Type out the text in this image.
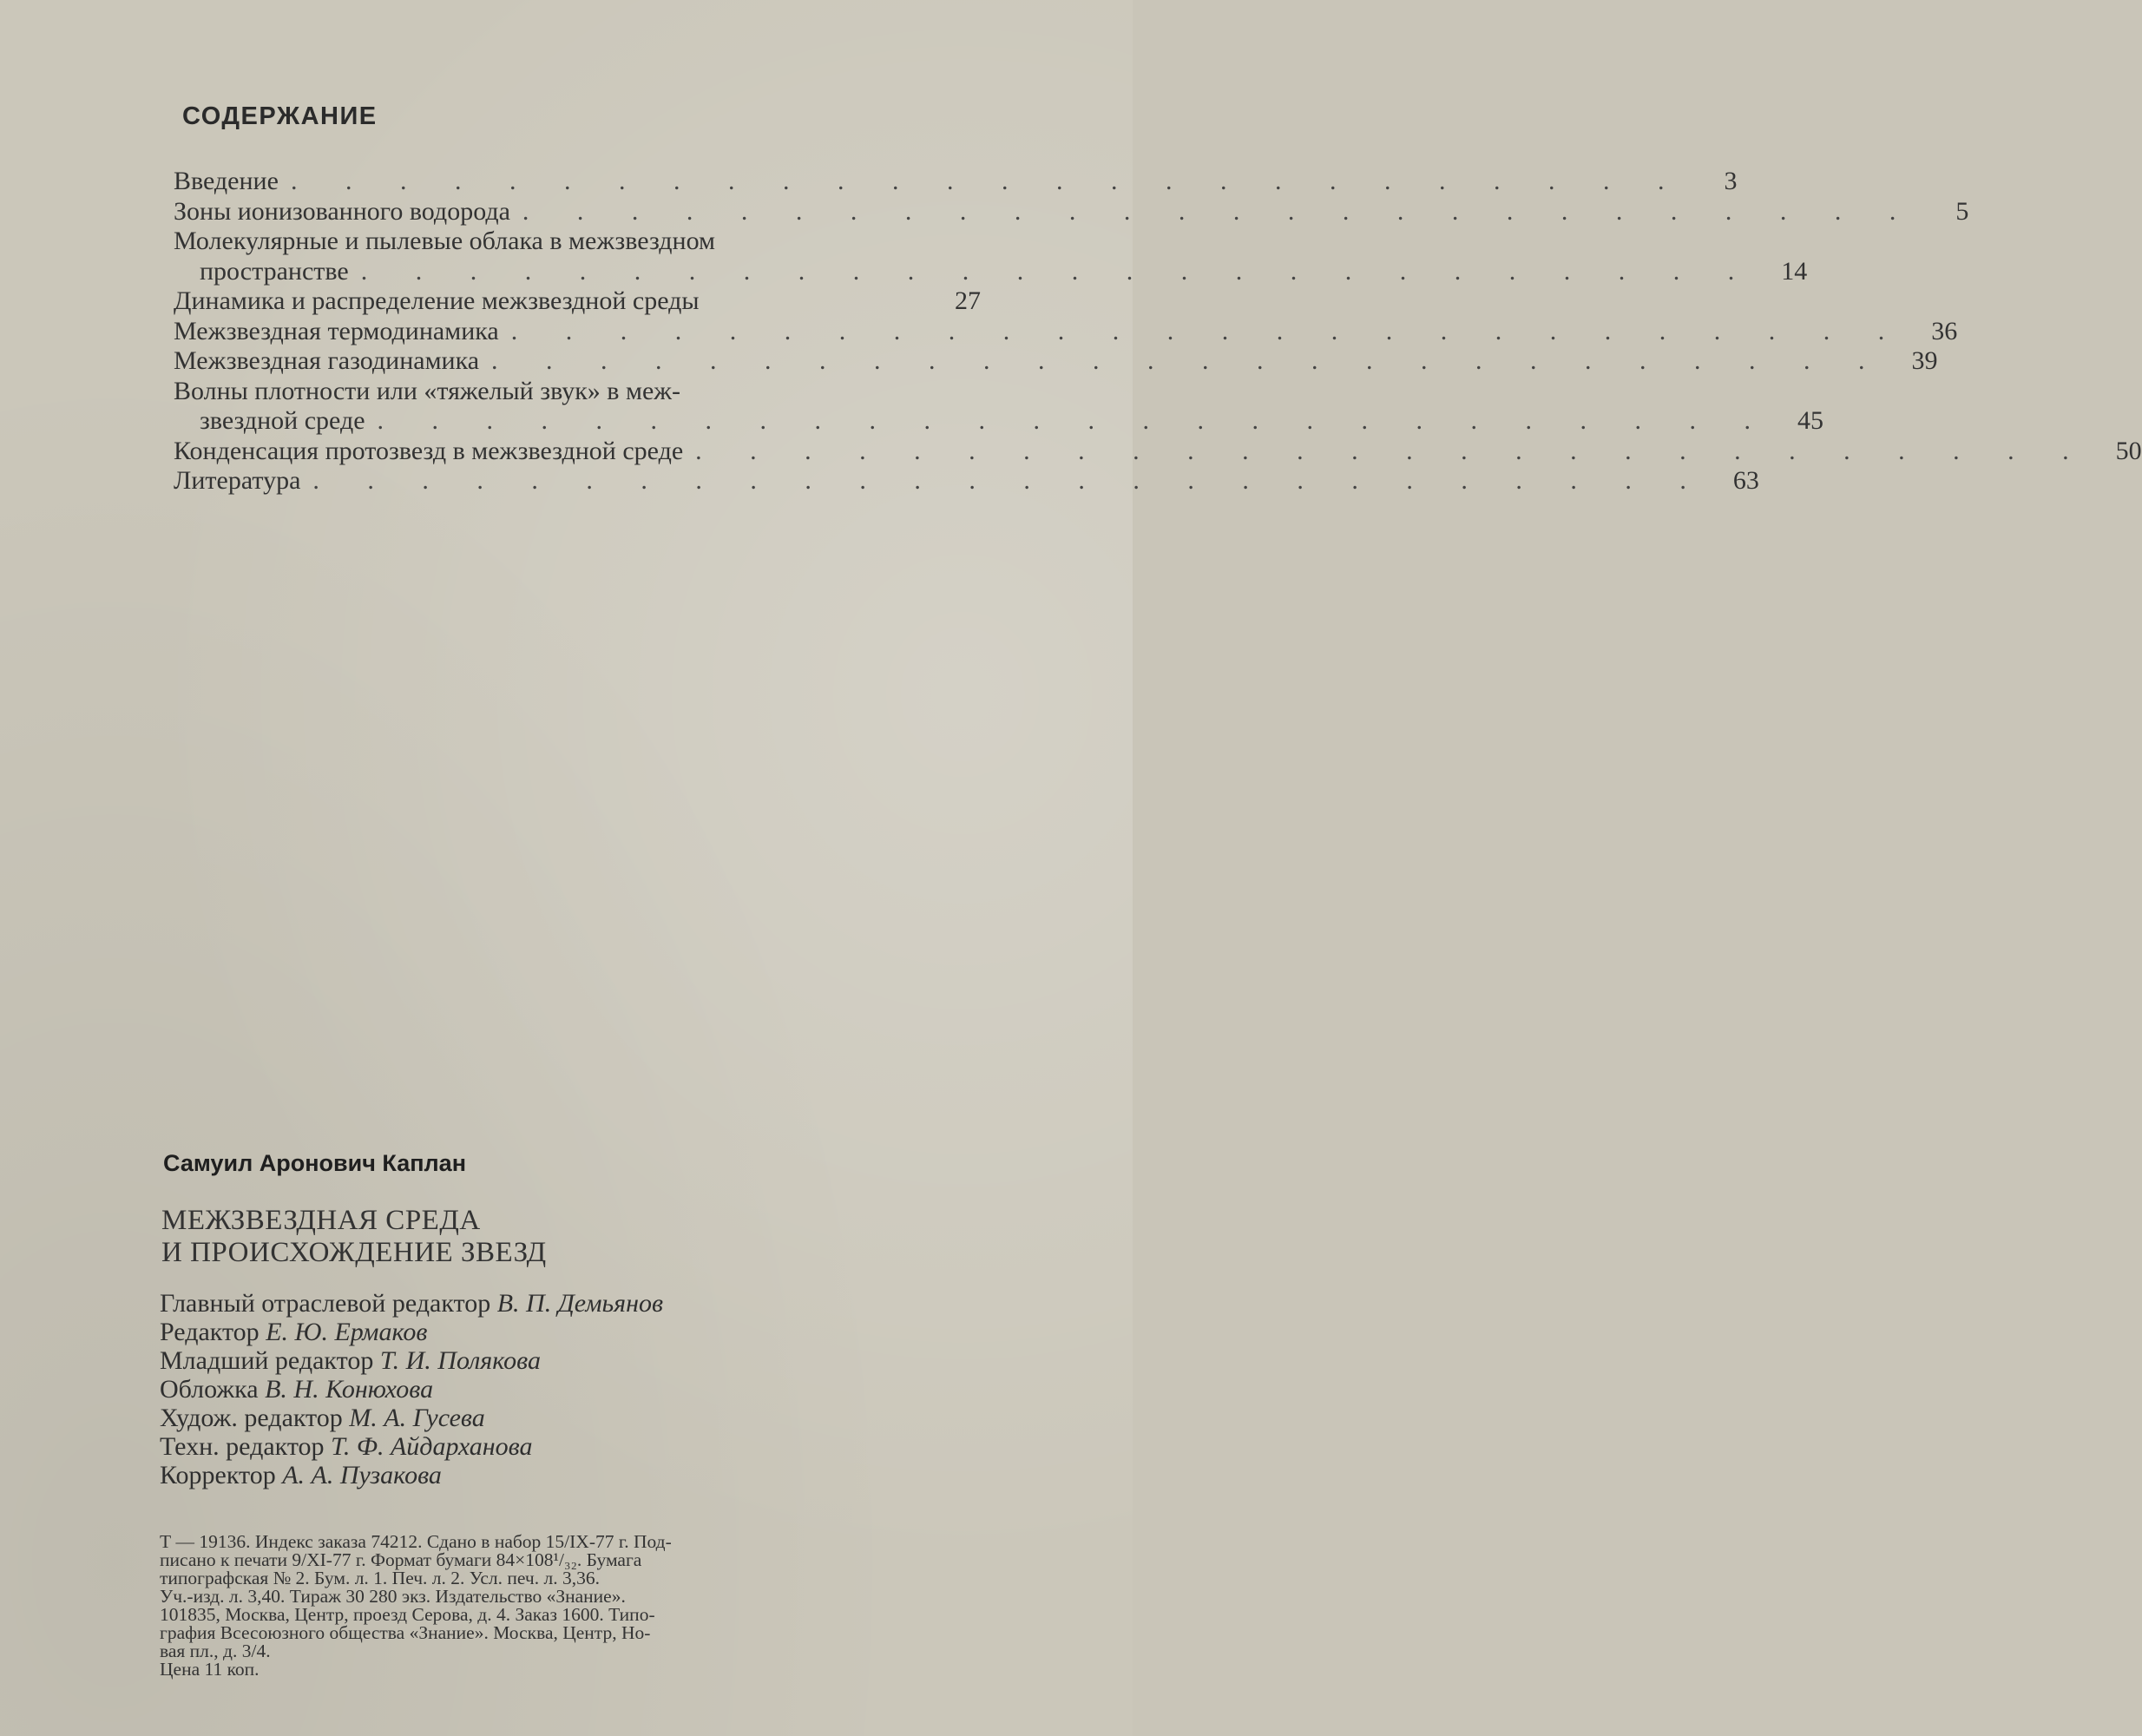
СОДЕРЖАНИЕ
Введение . . . . . . . . . . . . . . . . . . . . . . . . . .	3
Зоны ионизованного водорода . . . . . . . . . . . . . . . . . . . . . . . . . .	5
Молекулярные и пылевые облака в межзвездном
пространстве . . . . . . . . . . . . . . . . . . . . . . . . . .	14
Динамика и распределение межзвездной среды	27
Межзвездная термодинамика . . . . . . . . . . . . . . . . . . . . . . . . . .	36
Межзвездная газодинамика . . . . . . . . . . . . . . . . . . . . . . . . . .	39
Волны плотности или «тяжелый звук» в меж-
звездной среде . . . . . . . . . . . . . . . . . . . . . . . . . .	45
Конденсация протозвезд в межзвездной среде . . . . . . . . . . . . . . . . . . . . . . . . . .	50
Литература . . . . . . . . . . . . . . . . . . . . . . . . . .	63
Самуил Аронович Каплан
МЕЖЗВЕЗДНАЯ СРЕДА
И ПРОИСХОЖДЕНИЕ ЗВЕЗД
Главный отраслевой редактор В. П. Демьянов
Редактор Е. Ю. Ермаков
Младший редактор Т. И. Полякова
Обложка В. Н. Конюхова
Худож. редактор М. А. Гусева
Техн. редактор Т. Ф. Айдарханова
Корректор А. А. Пузакова
Т — 19136. Индекс заказа 74212. Сдано в набор 15/IX-77 г. Под-
писано к печати 9/XI-77 г. Формат бумаги 84×108¹/₃₂. Бумага
типографская № 2. Бум. л. 1. Печ. л. 2. Усл. печ. л. 3,36.
Уч.-изд. л. 3,40. Тираж 30 280 экз. Издательство «Знание».
101835, Москва, Центр, проезд Серова, д. 4. Заказ 1600. Типо-
графия Всесоюзного общества «Знание». Москва, Центр, Но-
вая пл., д. 3/4.
Цена 11 коп.
